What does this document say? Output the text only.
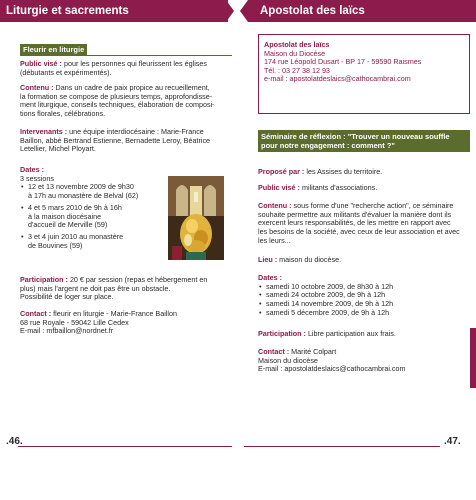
Liturgie et sacrements
Fleurir en liturgie
Public visé : pour les personnes qui fleurissent les églises
(débutants et expérimentés).
Contenu : Dans un cadre de paix propice au recueillement,
la formation se compose de plusieurs temps, approfondisse-
ment liturgique, conseils techniques, élaboration de composi-
tions florales, célébrations.
Intervenants : une équipe interdiocésaine : Marie-France
Baillon, abbé Bertrand Estienne, Bernadette Leroy, Béatrice
Letellier, Michel Ployart.
Dates :
3 sessions
• 12 et 13 novembre 2009 de 9h30
à 17h au monastère de Belval (62)
• 4 et 5 mars 2010 de 9h à 16h
à la maison diocésaine
d'accueil de Merville (59)
• 3 et 4 juin 2010 au monastère
de Bouvines (59)
Participation : 20 € par session (repas et hébergement en
plus) mais l'argent ne doit pas être un obstacle.
Possibilité de loger sur place.
Contact : fleurir en liturgie - Marie-France Baillon
68 rue Royale - 59042 Lille Cedex
E-mail : mfbaillon@nordnet.fr
.46.
Apostolat des laïcs
Apostolat des laïcs
Maison du Diocèse
174 rue Léopold Dusart - BP 17 - 59590 Raismes
Tél. : 03 27 38 12 93
e-mail : apostolatdeslaics@cathocambrai.com
Séminaire de réflexion : "Trouver un nouveau souffle
pour notre engagement : comment ?"
Proposé par : les Assises du territoire.
Public visé : militants d'associations.
Contenu : sous forme d'une "recherche action", ce séminaire
souhaite permettre aux militants d'évaluer la manière dont ils
exercent leurs responsabilités, de les mettre en rapport avec
les besoins de la société, avec ceux de leur association et avec
les leurs...
Lieu : maison du diocèse.
Dates :
• samedi 10 octobre 2009, de 8h30 à 12h
• samedi 24 octobre 2009, de 9h à 12h
• samedi 14 novembre 2009, de 9h à 12h
• samedi 5 décembre 2009, de 9h à 12h
Participation : Libre participation aux frais.
Contact : Marité Colpart
Maison du diocèse
E-mail : apostolatdeslaics@cathocambrai.com
.47.
